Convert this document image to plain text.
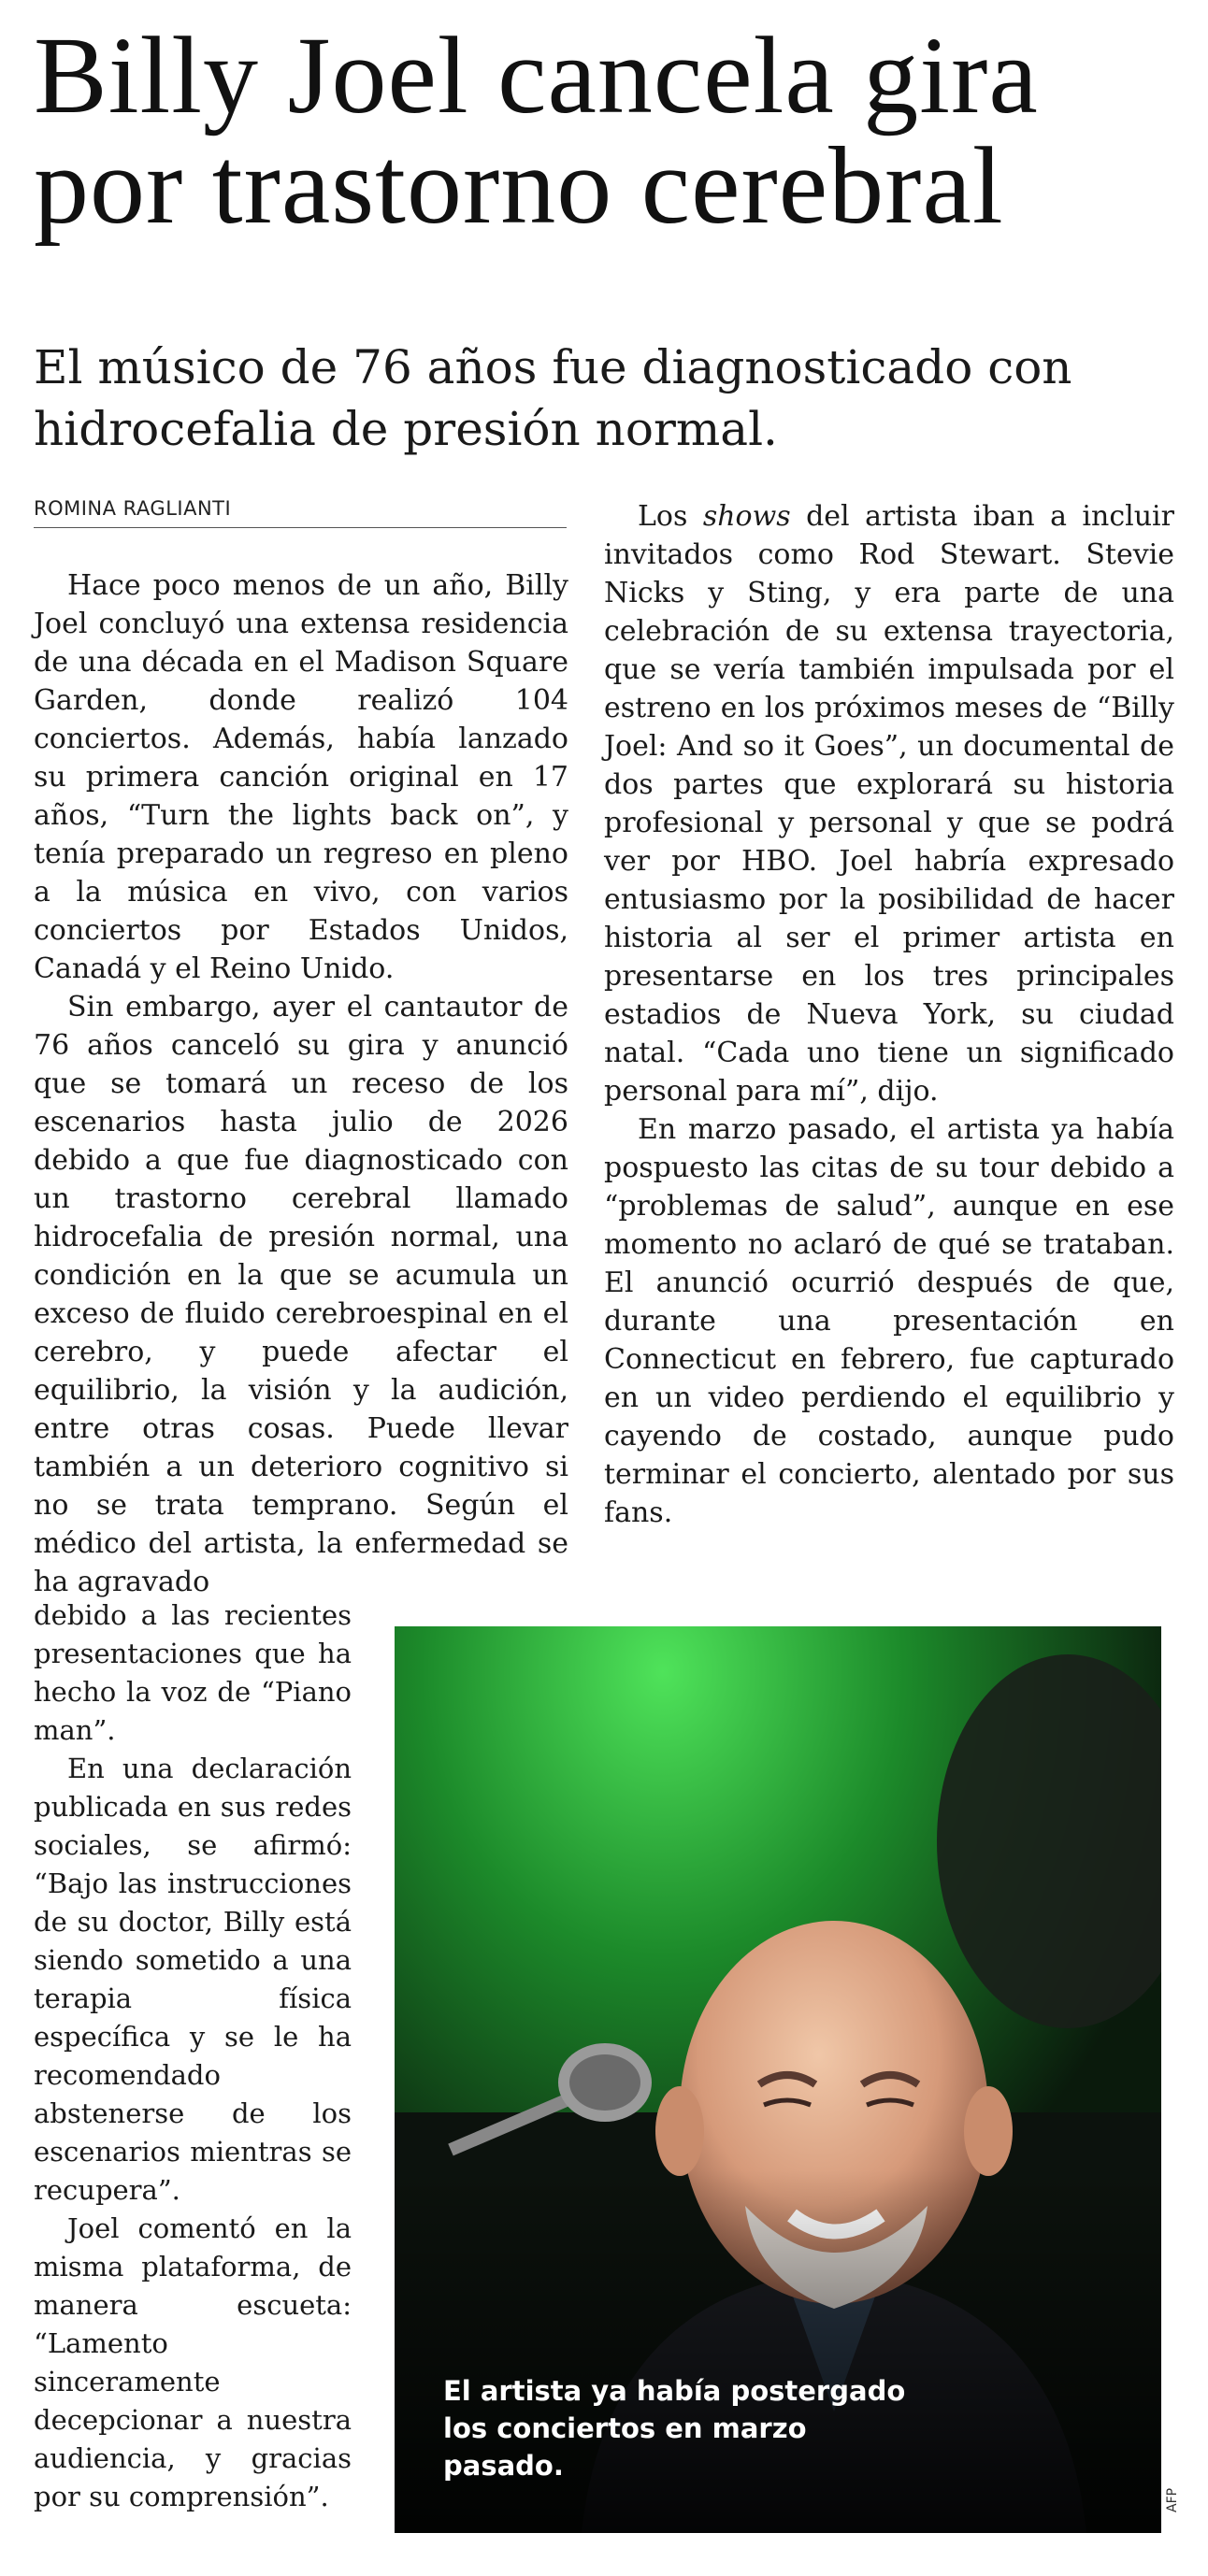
Billy Joel cancela gira por trastorno cerebral

El músico de 76 años fue diagnosticado con hidrocefalia de presión normal.

ROMINA RAGLIANTI

Hace poco menos de un año, Billy Joel concluyó una extensa residencia de una década en el Madison Square Garden, donde realizó 104 conciertos. Además, había lanzado su primera canción original en 17 años, “Turn the lights back on”, y tenía preparado un regreso en pleno a la música en vivo, con varios conciertos por Estados Unidos, Canadá y el Reino Unido.

Sin embargo, ayer el cantautor de 76 años canceló su gira y anunció que se tomará un receso de los escenarios hasta julio de 2026 debido a que fue diagnosticado con un trastorno cerebral llamado hidrocefalia de presión normal, una condición en la que se acumula un exceso de fluido cerebroespinal en el cerebro, y puede afectar el equilibrio, la visión y la audición, entre otras cosas. Puede llevar también a un deterioro cognitivo si no se trata temprano. Según el médico del artista, la enfermedad se ha agravado

debido a las recientes presentaciones que ha hecho la voz de “Piano man”.

En una declaración publicada en sus redes sociales, se afirmó: “Bajo las instrucciones de su doctor, Billy está siendo sometido a una terapia física específica y se le ha recomendado abstenerse de los escenarios mientras se recupera”.

Joel comentó en la misma plataforma, de manera escueta: “Lamento sinceramente decepcionar a nuestra audiencia, y gracias por su comprensión”.

Los shows del artista iban a incluir invitados como Rod Stewart. Stevie Nicks y Sting, y era parte de una celebración de su extensa trayectoria, que se vería también impulsada por el estreno en los próximos meses de “Billy Joel: And so it Goes”, un documental de dos partes que explorará su historia profesional y personal y que se podrá ver por HBO. Joel habría expresado entusiasmo por la posibilidad de hacer historia al ser el primer artista en presentarse en los tres principales estadios de Nueva York, su ciudad natal. “Cada uno tiene un significado personal para mí”, dijo.

En marzo pasado, el artista ya había pospuesto las citas de su tour debido a “problemas de salud”, aunque en ese momento no aclaró de qué se trataban. El anunció ocurrió después de que, durante una presentación en Connecticut en febrero, fue capturado en un video perdiendo el equilibrio y cayendo de costado, aunque pudo terminar el concierto, alentado por sus fans.

El artista ya había postergado los conciertos en marzo pasado.
AFP
